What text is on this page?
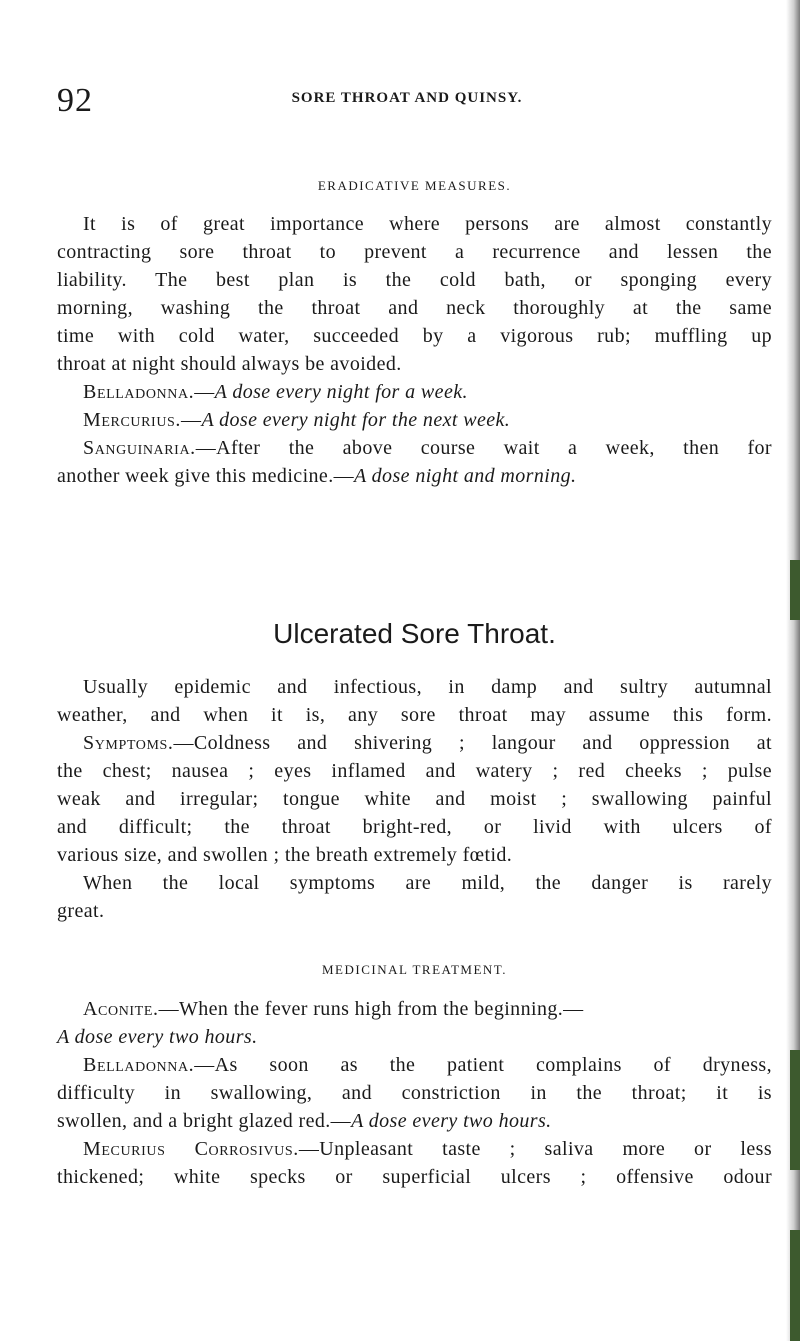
92	SORE THROAT AND QUINSY.
ERADICATIVE MEASURES.
It is of great importance where persons are almost constantly
contracting sore throat to prevent a recurrence and lessen the
liability. The best plan is the cold bath, or sponging every
morning, washing the throat and neck thoroughly at the same
time with cold water, succeeded by a vigorous rub; muffling up
throat at night should always be avoided.
Belladonna.—A dose every night for a week.
Mercurius.—A dose every night for the next week.
Sanguinaria.—After the above course wait a week, then for
another week give this medicine.—A dose night and morning.
Ulcerated Sore Throat.
Usually epidemic and infectious, in damp and sultry autumnal
weather, and when it is, any sore throat may assume this form.
Symptoms.—Coldness and shivering ; langour and oppression at
the chest; nausea ; eyes inflamed and watery ; red cheeks ; pulse
weak and irregular; tongue white and moist ; swallowing painful
and difficult; the throat bright-red, or livid with ulcers of
various size, and swollen ; the breath extremely fœtid.
When the local symptoms are mild, the danger is rarely
great.
MEDICINAL TREATMENT.
Aconite.—When the fever runs high from the beginning.—
A dose every two hours.
Belladonna.—As soon as the patient complains of dryness,
difficulty in swallowing, and constriction in the throat; it is
swollen, and a bright glazed red.—A dose every two hours.
Mecurius Corrosivus.—Unpleasant taste ; saliva more or less
thickened; white specks or superficial ulcers ; offensive odour
